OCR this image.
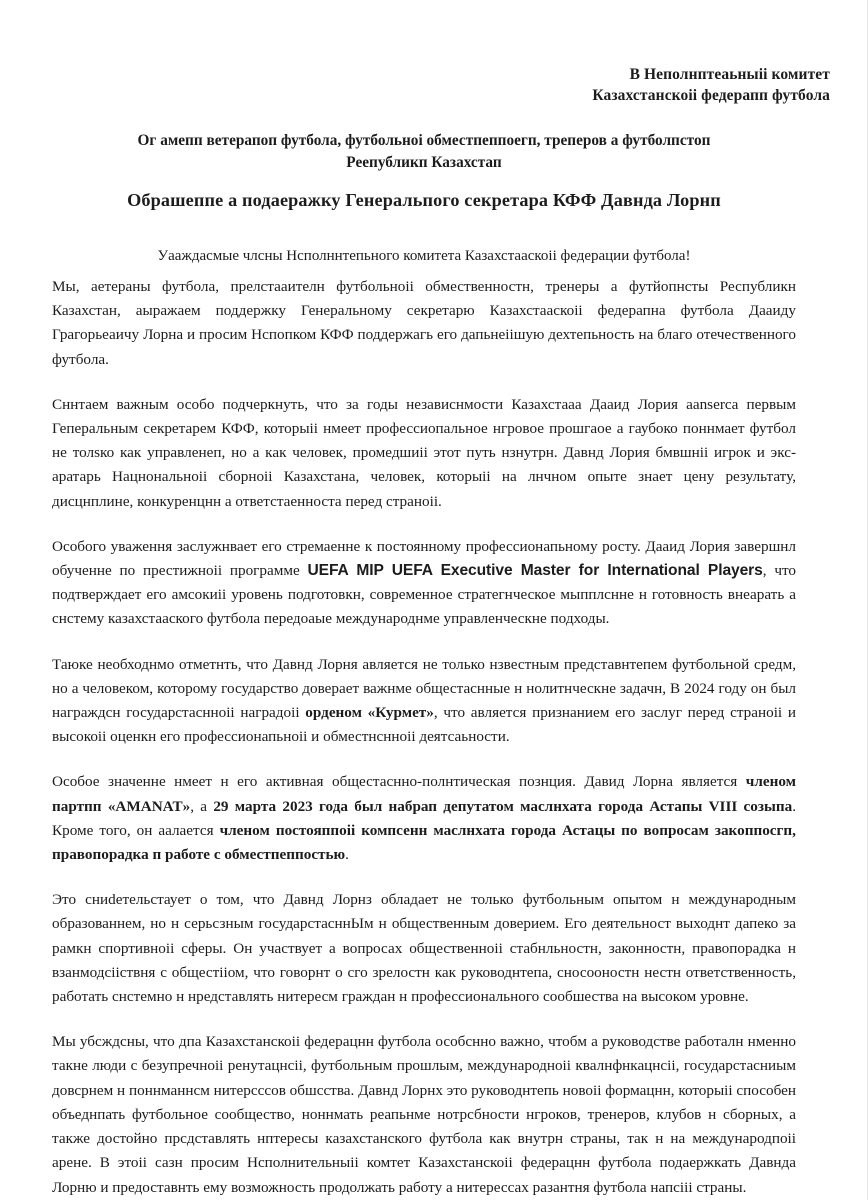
В Неполнптеаьныii комитет
Казахстанскоii федерапп футбола
Ог амепп ветерапоп футбола, футбольноi обместпеппоегп, треперов а футболпстоп
Реепубликп Казахстап
Обрашеппе а подаеражку Генеральпого секретара КФФ Давнда Лорнп
Уааждасмые члсны Нсполннтепьного комитета Казахстааскоii федерации футбола!

Мы, аетераны футбола, прелстааителн футбольноii обмественностн, тренеры а футйопнсты Республикн Казахстан, аыражаем поддержку Генеральному секретарю Казахстааскоii федерапна футбола Дааиду Грагорьеаичу Лорна и просим Нспопком КФФ поддержагь его дапьнеiiшую дехтепьность на благо отечественного футбола.

Сннтаем важным особо подчеркнуть, что за годы независнмости Казахстааа Дааид Лория aanserca первым Геперальным секретарем КФФ, которыii нмеет профессиопальное нгровое прошгаое а гаубоко поннмает футбол не толsко как управленеп, но а как человек, промедшиii этот путь нзнутрн. Давнд Лория бмвшнii игрок и экс-аратарь Нацнональноii сборноii Казахстана, человек, которыii на лнчном опыте знает цену результату, дисцнплине, конкуренцнн а ответстаенноста перед страноii.

Особого уваження заслужнвает его стремаенне к постоянному профессионапьному росту. Дааид Лория завершнл обученне по престижноii программе UEFA MIP UEFA Executive Master for International Players, что подтверждает его амсокиii уровень подготовкн, современное стратегнческое мыпплснне н готовность внеарать а снстему казахстааского футбола передоаые международнме управленческне подходы.

Таюке необходнмо отметнть, что Давнд Лорня авляется не только нзвестным представнтепем футбольной средм, но а человеком, которому государство доверает важнме общестаснные н нолитнческне задачн, В 2024 году он был награждсн государстаснноii наградоii орденом «Курмет», что авляется признанием его заслуг перед страноii и высокоii оценкн его профессионапьноii и обместнснноii деятсаьности.

Особое значенне нмеет н его активная общестаснно-полнтическая познция. Давид Лорна является членом партпп «AMANAT», а 29 марта 2023 года был набрап депутатом маслнхата города Астапы VIII созыпа. Кроме того, он аалается членом постояппоii компсенн маслнхата города Астацы по вопросам закоппосгп, правопорадка п работе с обместпеппостью.

Это сниdетельстауeт о том, что Давнд Лорнз обладает не только футбольным опытом н международным образованнем, но н серьсзным государстасннЫм н общественным доверием. Его деятельност выходнт дапеко за рамкн спортивноii сферы. Он участвует а вопросах общественноii стабнльностн, законностн, правопорадка н взанмодсiiствня с общестiiом, что говорнт о сго зрелостн как руководнтепа, сносооностн нестн ответственность, работать снстемно н нредставлять нитересм граждан н профессионального сообшества на высоком уровне.

Мы убсждсны, что дпа Казахстанскоii федерацнн футбола особснно важно, чтобм а руководстве работалн нменно такне люди с безупречноii ренутацнсii, футбольным прошлым, международноii квалнфнкацнсii, государстасниым довсрнем н поннманнсм нитерсссов обшсства. Давнд Лорнх это руководнтепь новоii формацнн, которыii способен объеднпать футбольное сообщество, ноннмать реапьнме нотрсбности нгроков, тренеров, клубов н сборных, а также достойно прсдставлять нптересы казахстанского футбола как внутрн страны, так н на международпоii арене. В этоii сазн просим Нсполнительныii комтет Казахстанскоii федерацнн футбола подаержкать Давнда Лорню и предоставнть ему возможность продолжать работу а нитерессах разантня футбола напciii страны.
